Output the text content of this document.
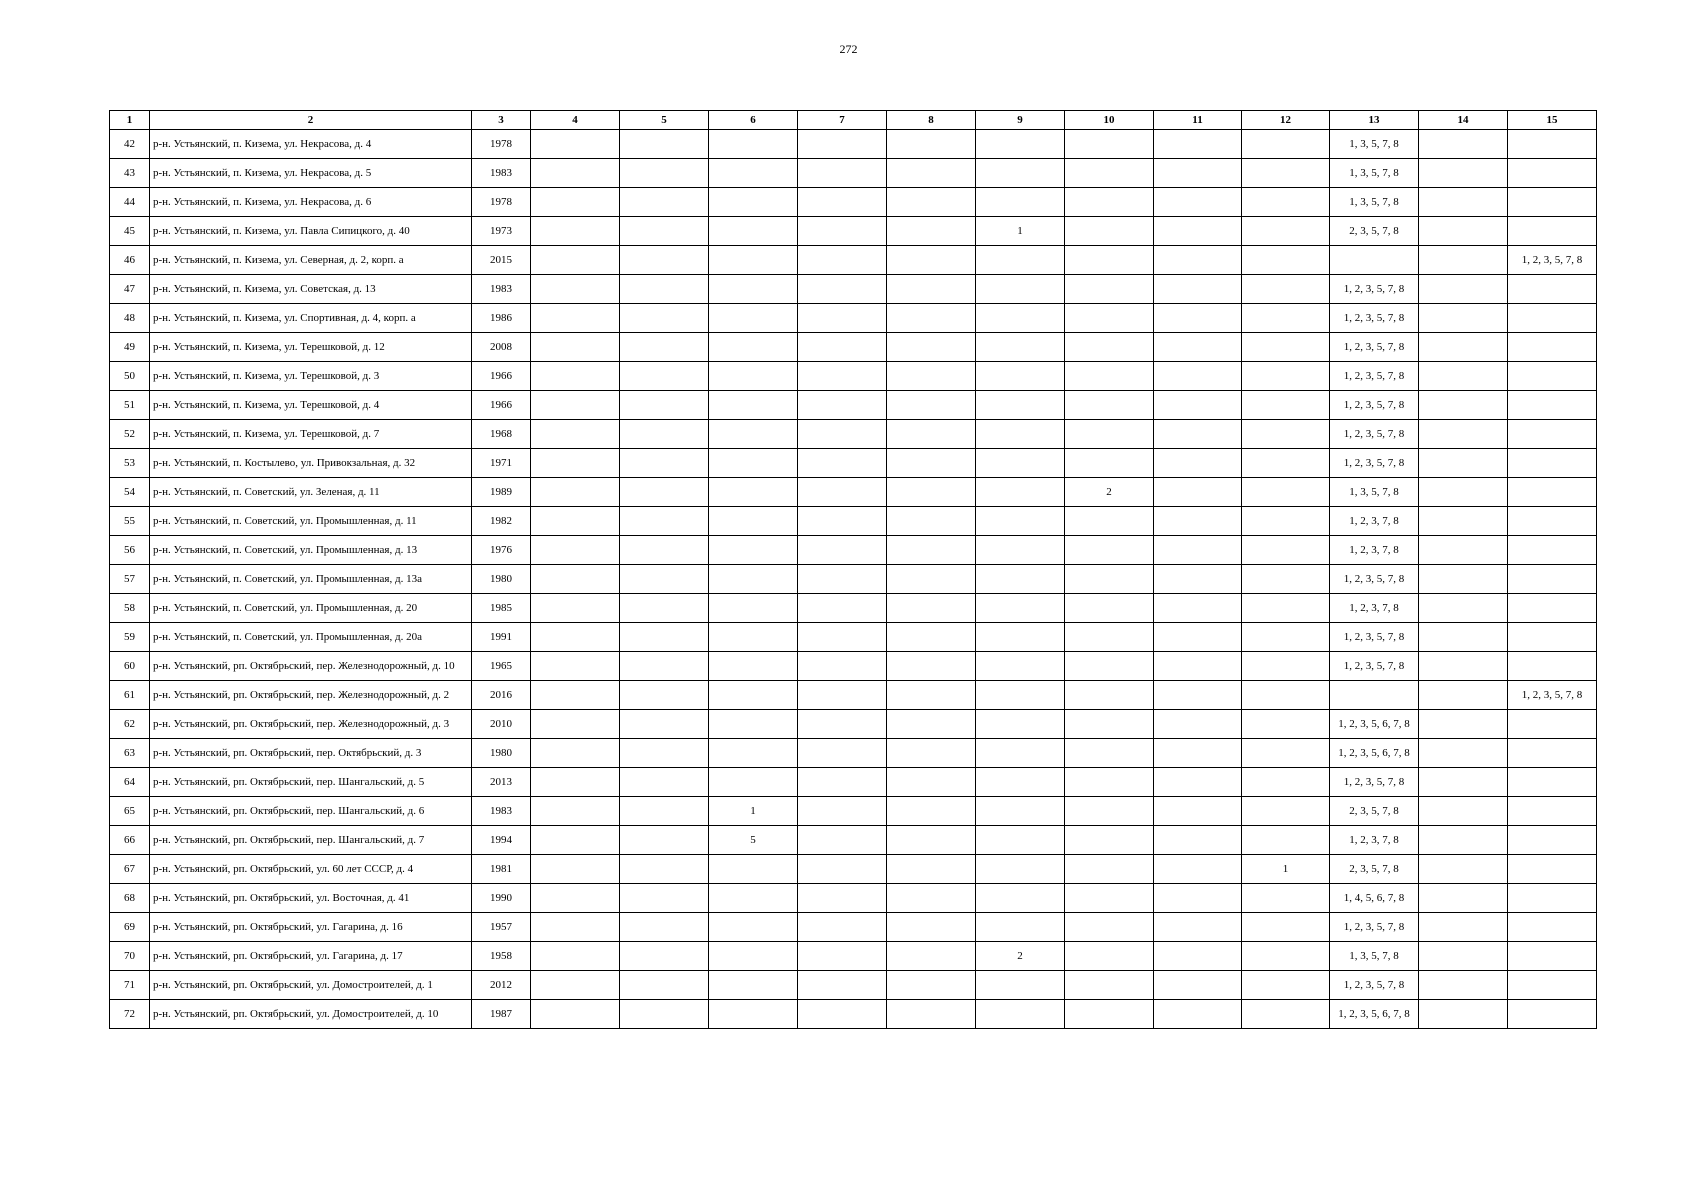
272
1	2	3	4	5	6	7	8	9	10	11	12	13	14	15
42	р-н. Устьянский, п. Кизема, ул. Некрасова, д. 4	1978										1, 3, 5, 7, 8		
43	р-н. Устьянский, п. Кизема, ул. Некрасова, д. 5	1983										1, 3, 5, 7, 8		
44	р-н. Устьянский, п. Кизема, ул. Некрасова, д. 6	1978										1, 3, 5, 7, 8		
45	р-н. Устьянский, п. Кизема, ул. Павла Сипицкого, д. 40	1973						1				2, 3, 5, 7, 8		
46	р-н. Устьянский, п. Кизема, ул. Северная, д. 2, корп. а	2015												1, 2, 3, 5, 7, 8
47	р-н. Устьянский, п. Кизема, ул. Советская, д. 13	1983										1, 2, 3, 5, 7, 8		
48	р-н. Устьянский, п. Кизема, ул. Спортивная, д. 4, корп. а	1986										1, 2, 3, 5, 7, 8		
49	р-н. Устьянский, п. Кизема, ул. Терешковой, д. 12	2008										1, 2, 3, 5, 7, 8		
50	р-н. Устьянский, п. Кизема, ул. Терешковой, д. 3	1966										1, 2, 3, 5, 7, 8		
51	р-н. Устьянский, п. Кизема, ул. Терешковой, д. 4	1966										1, 2, 3, 5, 7, 8		
52	р-н. Устьянский, п. Кизема, ул. Терешковой, д. 7	1968										1, 2, 3, 5, 7, 8		
53	р-н. Устьянский, п. Костылево, ул. Привокзальная, д. 32	1971										1, 2, 3, 5, 7, 8		
54	р-н. Устьянский, п. Советский, ул. Зеленая, д. 11	1989							2			1, 3, 5, 7, 8		
55	р-н. Устьянский, п. Советский, ул. Промышленная, д. 11	1982										1, 2, 3, 7, 8		
56	р-н. Устьянский, п. Советский, ул. Промышленная, д. 13	1976										1, 2, 3, 7, 8		
57	р-н. Устьянский, п. Советский, ул. Промышленная, д. 13а	1980										1, 2, 3, 5, 7, 8		
58	р-н. Устьянский, п. Советский, ул. Промышленная, д. 20	1985										1, 2, 3, 7, 8		
59	р-н. Устьянский, п. Советский, ул. Промышленная, д. 20а	1991										1, 2, 3, 5, 7, 8		
60	р-н. Устьянский, рп. Октябрьский, пер. Железнодорожный, д. 10	1965										1, 2, 3, 5, 7, 8		
61	р-н. Устьянский, рп. Октябрьский, пер. Железнодорожный, д. 2	2016												1, 2, 3, 5, 7, 8
62	р-н. Устьянский, рп. Октябрьский, пер. Железнодорожный, д. 3	2010										1, 2, 3, 5, 6, 7, 8		
63	р-н. Устьянский, рп. Октябрьский, пер. Октябрьский, д. 3	1980										1, 2, 3, 5, 6, 7, 8		
64	р-н. Устьянский, рп. Октябрьский, пер. Шангальский, д. 5	2013										1, 2, 3, 5, 7, 8		
65	р-н. Устьянский, рп. Октябрьский, пер. Шангальский, д. 6	1983			1							2, 3, 5, 7, 8		
66	р-н. Устьянский, рп. Октябрьский, пер. Шангальский, д. 7	1994			5							1, 2, 3, 7, 8		
67	р-н. Устьянский, рп. Октябрьский, ул. 60 лет СССР, д. 4	1981									1	2, 3, 5, 7, 8		
68	р-н. Устьянский, рп. Октябрьский, ул. Восточная, д. 41	1990										1, 4, 5, 6, 7, 8		
69	р-н. Устьянский, рп. Октябрьский, ул. Гагарина, д. 16	1957										1, 2, 3, 5, 7, 8		
70	р-н. Устьянский, рп. Октябрьский, ул. Гагарина, д. 17	1958						2				1, 3, 5, 7, 8		
71	р-н. Устьянский, рп. Октябрьский, ул. Домостроителей, д. 1	2012										1, 2, 3, 5, 7, 8		
72	р-н. Устьянский, рп. Октябрьский, ул. Домостроителей, д. 10	1987										1, 2, 3, 5, 6, 7, 8		
